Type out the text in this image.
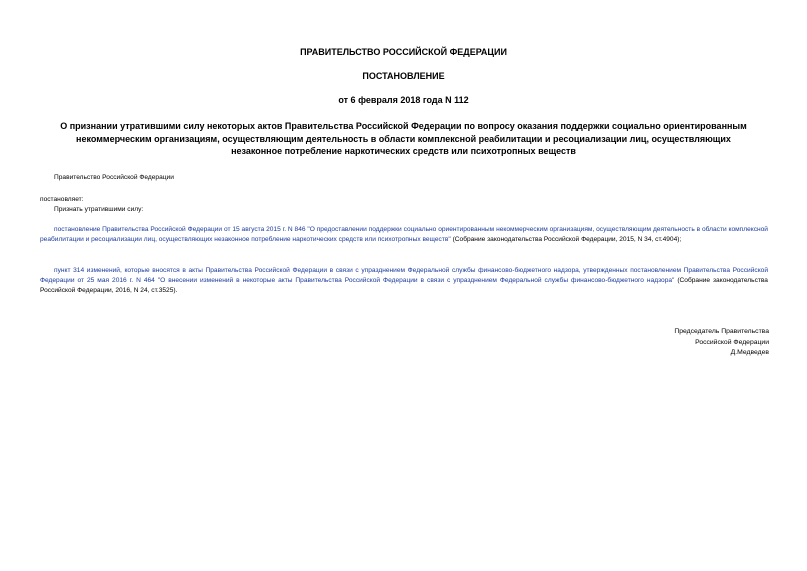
ПРАВИТЕЛЬСТВО РОССИЙСКОЙ ФЕДЕРАЦИИ
ПОСТАНОВЛЕНИЕ
от 6 февраля 2018 года N 112
О признании утратившими силу некоторых актов Правительства Российской Федерации по вопросу оказания поддержки социально ориентированным некоммерческим организациям, осуществляющим деятельность в области комплексной реабилитации и ресоциализации лиц, осуществляющих незаконное потребление наркотических средств или психотропных веществ
Правительство Российской Федерации
постановляет:
Признать утратившими силу:
постановление Правительства Российской Федерации от 15 августа 2015 г. N 846 "О предоставлении поддержки социально ориентированным некоммерческим организациям, осуществляющим деятельность в области комплексной реабилитации и ресоциализации лиц, осуществляющих незаконное потребление наркотических средств или психотропных веществ" (Собрание законодательства Российской Федерации, 2015, N 34, ст.4904);
пункт 314 изменений, которые вносятся в акты Правительства Российской Федерации в связи с упразднением Федеральной службы финансово-бюджетного надзора, утвержденных постановлением Правительства Российской Федерации от 25 мая 2016 г. N 464 "О внесении изменений в некоторые акты Правительства Российской Федерации в связи с упразднением Федеральной службы финансово-бюджетного надзора" (Собрание законодательства Российской Федерации, 2016, N 24, ст.3525).
Председатель Правительства
Российской Федерации
Д.Медведев
